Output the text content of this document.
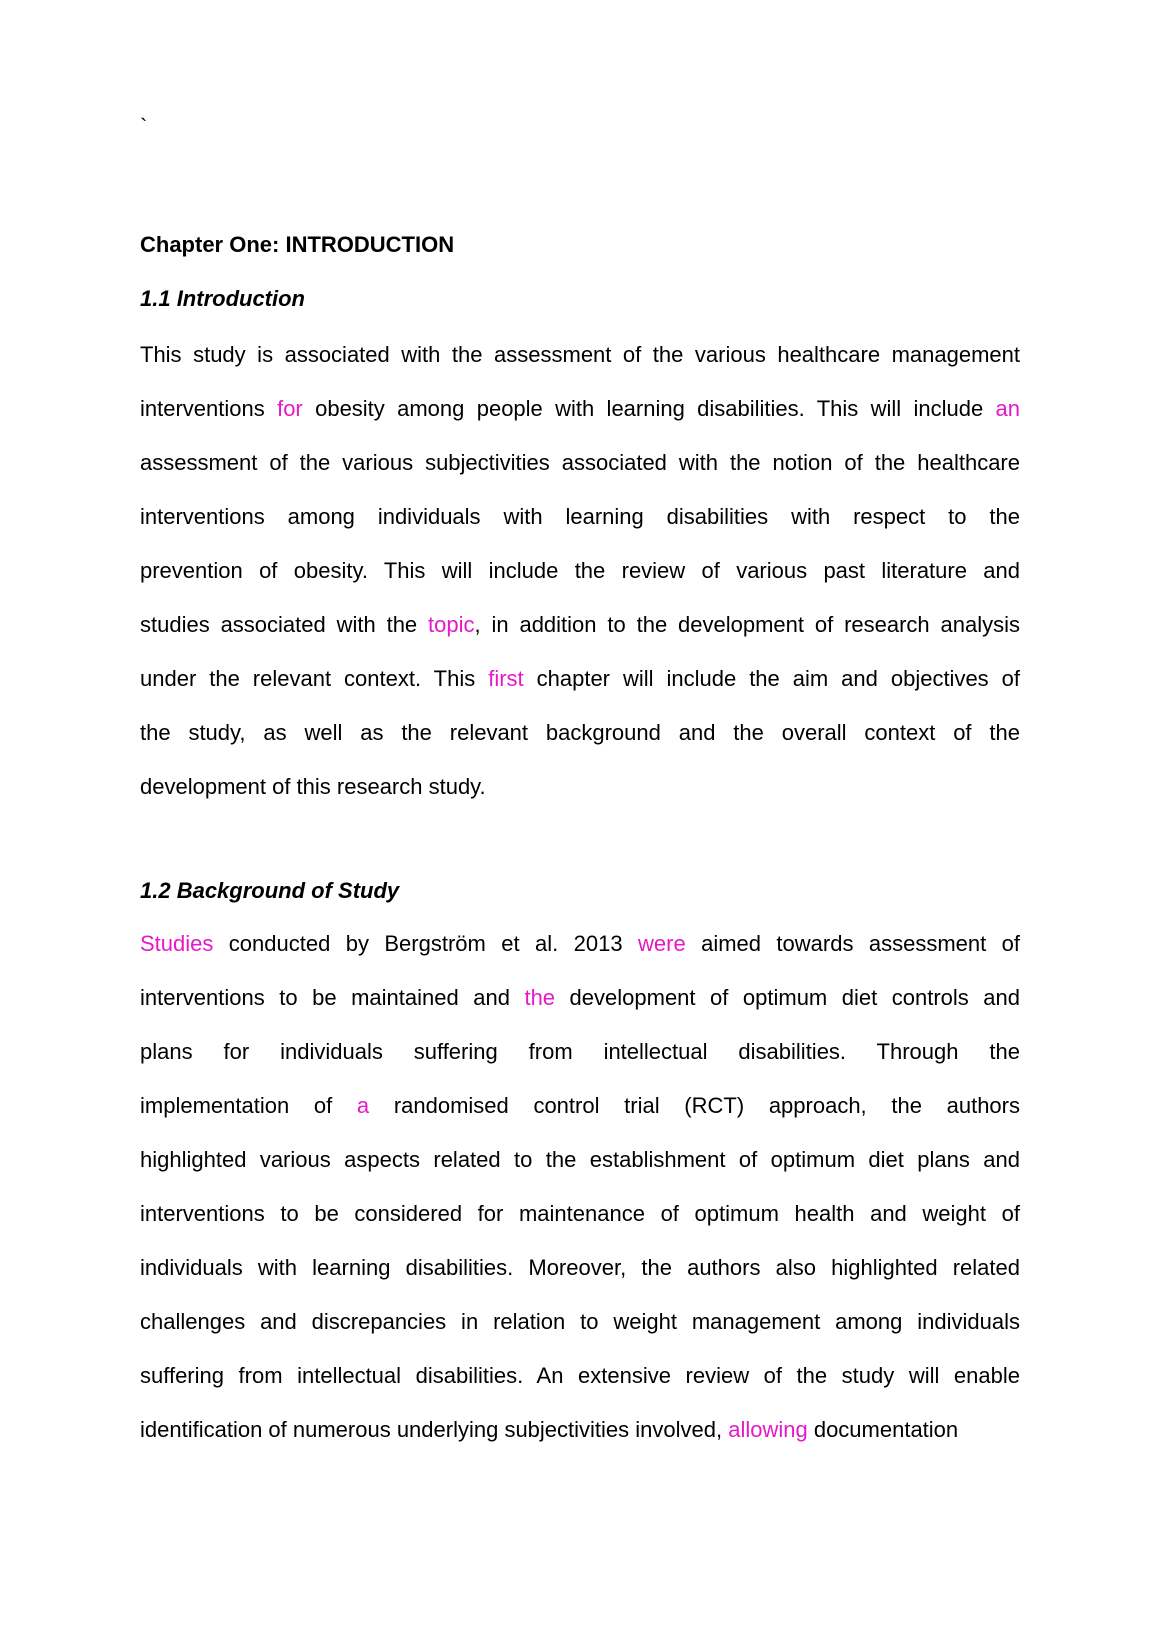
`
Chapter One: INTRODUCTION
1.1 Introduction
This study is associated with the assessment of the various healthcare management
interventions for obesity among people with learning disabilities. This will include an
assessment of the various subjectivities associated with the notion of the healthcare
interventions among individuals with learning disabilities with respect to the
prevention of obesity. This will include the review of various past literature and
studies associated with the topic, in addition to the development of research analysis
under the relevant context. This first chapter will include the aim and objectives of
the study, as well as the relevant background and the overall context of the
development of this research study.
1.2 Background of Study
Studies conducted by Bergström et al. 2013 were aimed towards assessment of
interventions to be maintained and the development of optimum diet controls and
plans for individuals suffering from intellectual disabilities. Through the
implementation of a randomised control trial (RCT) approach, the authors
highlighted various aspects related to the establishment of optimum diet plans and
interventions to be considered for maintenance of optimum health and weight of
individuals with learning disabilities. Moreover, the authors also highlighted related
challenges and discrepancies in relation to weight management among individuals
suffering from intellectual disabilities. An extensive review of the study will enable
identification of numerous underlying subjectivities involved, allowing documentation
